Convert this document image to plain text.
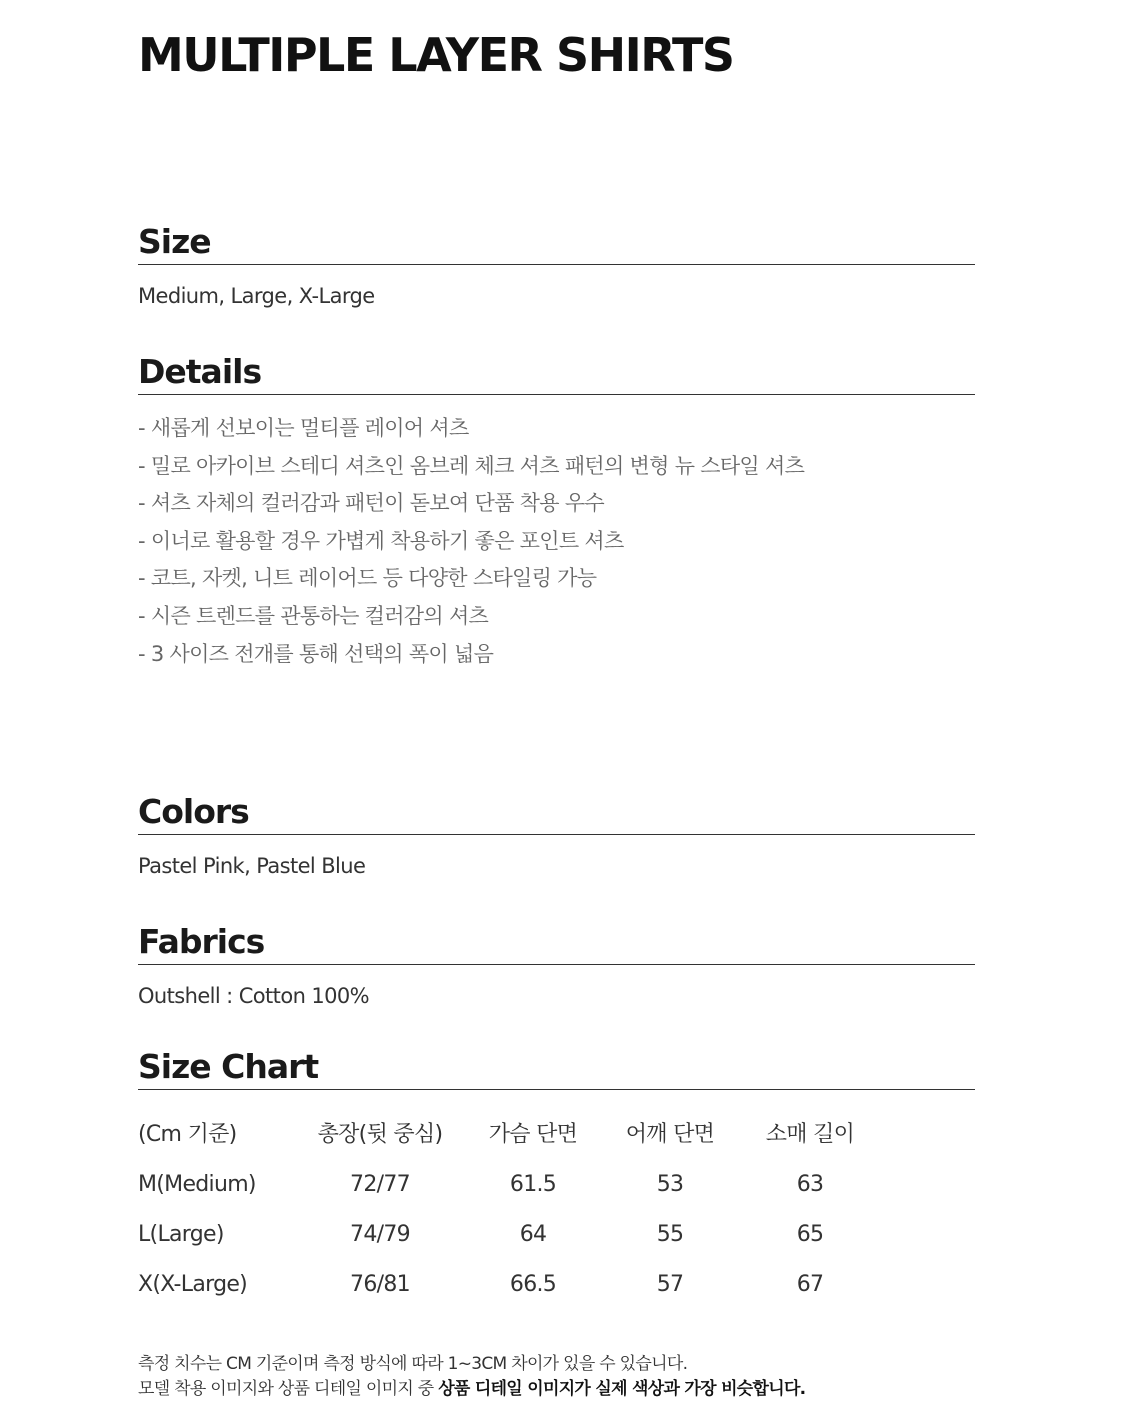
MULTIPLE LAYER SHIRTS
Size

Medium, Large, X-Large

Details
- 새롭게 선보이는 멀티플 레이어 셔츠
- 밀로 아카이브 스테디 셔츠인 옴브레 체크 셔츠 패턴의 변형 뉴 스타일 셔츠
- 셔츠 자체의 컬러감과 패턴이 돋보여 단품 착용 우수
- 이너로 활용할 경우 가볍게 착용하기 좋은 포인트 셔츠
- 코트, 자켓, 니트 레이어드 등 다양한 스타일링 가능
- 시즌 트렌드를 관통하는 컬러감의 셔츠
- 3 사이즈 전개를 통해 선택의 폭이 넓음
Colors

Pastel Pink, Pastel Blue

Fabrics

Outshell : Cotton 100%

Size Chart
(Cm 기준)	총장(뒷 중심)	가슴 단면	어깨 단면	소매 길이
M(Medium)	72/77	61.5	53	63
L(Large)	74/79	64	55	65
X(X-Large)	76/81	66.5	57	67

측정 치수는 CM 기준이며 측정 방식에 따라 1~3CM 차이가 있을 수 있습니다.

모델 착용 이미지와 상품 디테일 이미지 중 상품 디테일 이미지가 실제 색상과 가장 비슷합니다.
